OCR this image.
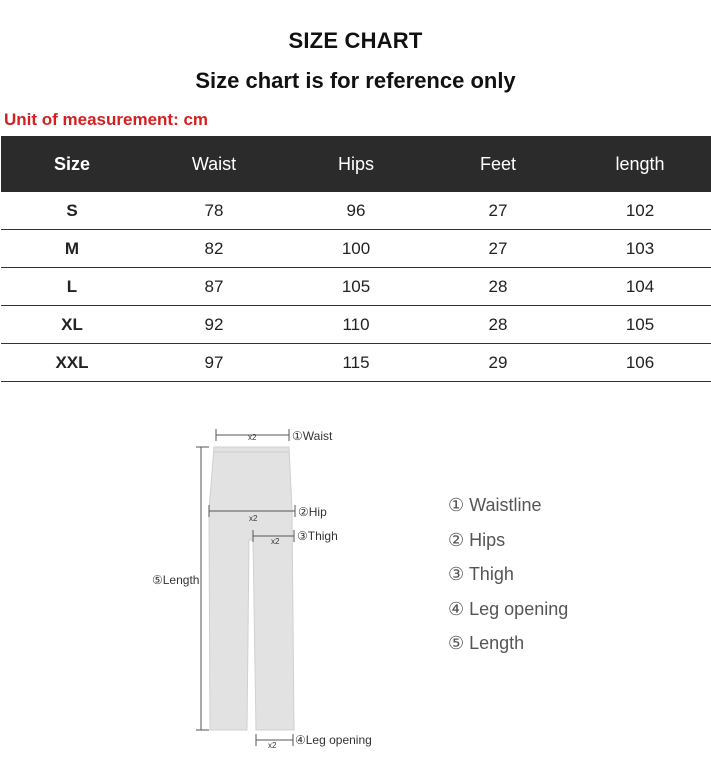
SIZE CHART
Size chart is for reference only
Unit of measurement: cm
Size	Waist	Hips	Feet	length
S	78	96	27	102
M	82	100	27	103
L	87	105	28	104
XL	92	110	28	105
XXL	97	115	29	106
x2	①Waist
x2	②Hip
x2 ③Thigh
⑤Length
x2 ④Leg opening
① Waistline
② Hips
③ Thigh
④ Leg opening
⑤ Length
